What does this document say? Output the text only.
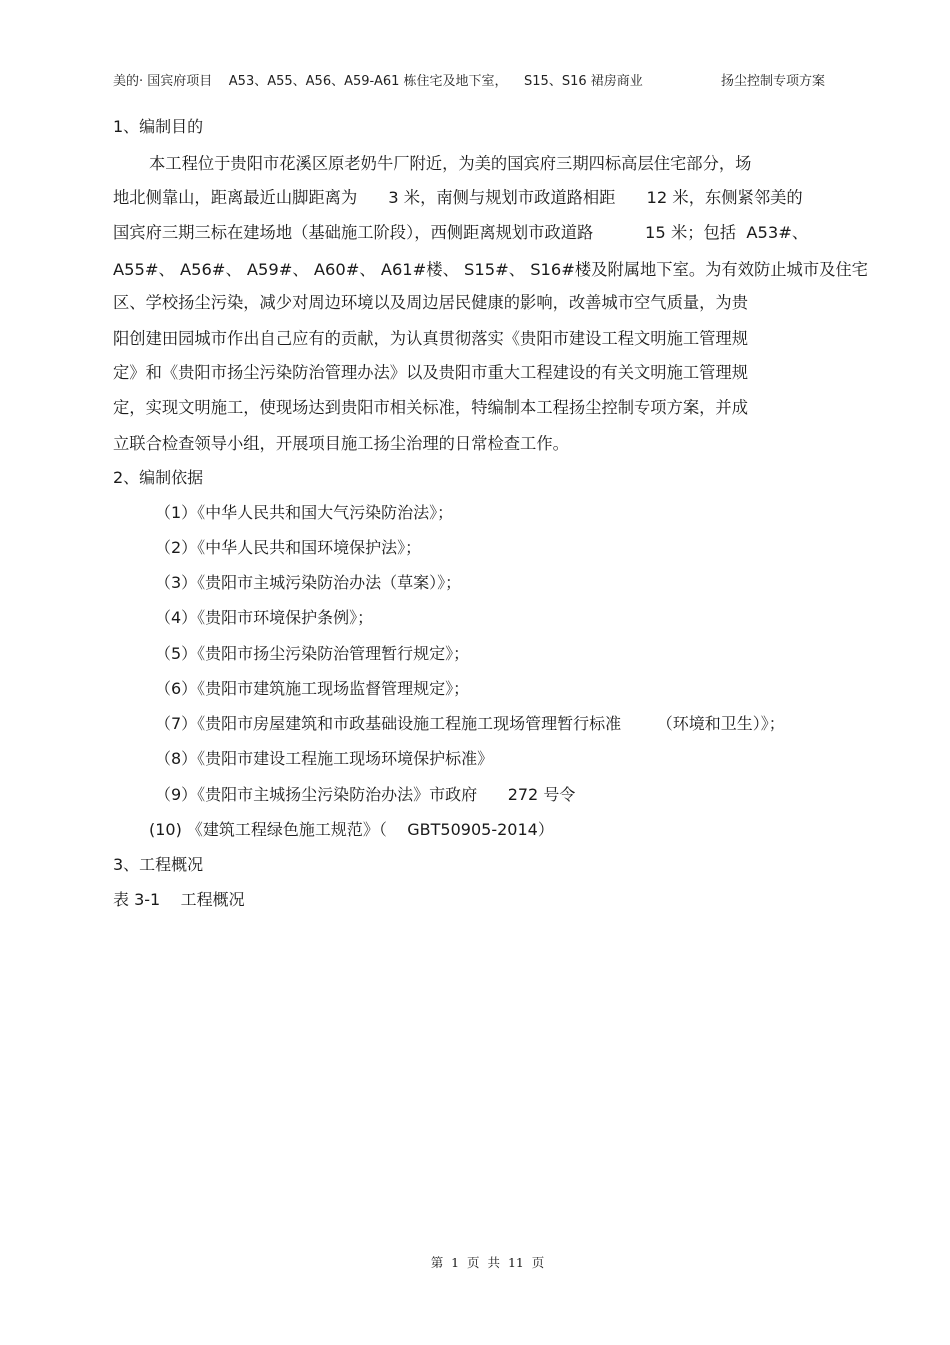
美的· 国宾府项目    A53、A55、A56、A59-A61 栋住宅及地下室，    S15、S16 裙房商业	扬尘控制专项方案
1、编制目的
本工程位于贵阳市花溪区原老奶牛厂附近，为美的国宾府三期四标高层住宅部分，场
地北侧靠山，距离最近山脚距离为      3 米，南侧与规划市政道路相距      12 米，东侧紧邻美的
国宾府三期三标在建场地（基础施工阶段），西侧距离规划市政道路          15 米；包括  A53#、
A55#、 A56#、 A59#、 A60#、 A61#楼、 S15#、 S16#楼及附属地下室。为有效防止城市及住宅
区、学校扬尘污染，减少对周边环境以及周边居民健康的影响，改善城市空气质量，为贵
阳创建田园城市作出自己应有的贡献，为认真贯彻落实《贵阳市建设工程文明施工管理规
定》和《贵阳市扬尘污染防治管理办法》以及贵阳市重大工程建设的有关文明施工管理规
定，实现文明施工，使现场达到贵阳市相关标准，特编制本工程扬尘控制专项方案，并成
立联合检查领导小组，开展项目施工扬尘治理的日常检查工作。
2、编制依据
（1）《中华人民共和国大气污染防治法》；
（2）《中华人民共和国环境保护法》；
（3）《贵阳市主城污染防治办法（草案）》；
（4）《贵阳市环境保护条例》；
（5）《贵阳市扬尘污染防治管理暂行规定》；
（6）《贵阳市建筑施工现场监督管理规定》；
（7）《贵阳市房屋建筑和市政基础设施工程施工现场管理暂行标准       （环境和卫生）》；
（8）《贵阳市建设工程施工现场环境保护标准》
（9）《贵阳市主城扬尘污染防治办法》市政府      272 号令
(10) 《建筑工程绿色施工规范》（    GBT50905-2014）
3、工程概况
表 3-1    工程概况
第  1  页  共  11  页
